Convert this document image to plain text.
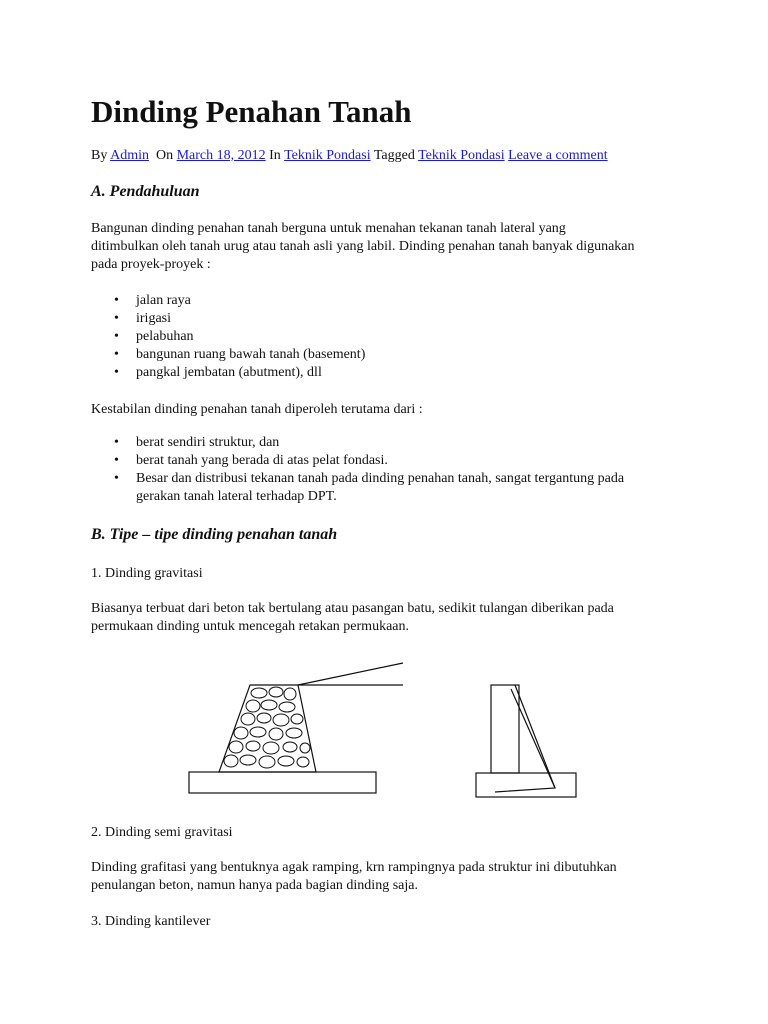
Dinding Penahan Tanah
By Admin On March 18, 2012 In Teknik Pondasi Tagged Teknik Pondasi Leave a comment
A. Pendahuluan

Bangunan dinding penahan tanah berguna untuk menahan tekanan tanah lateral yang
ditimbulkan oleh tanah urug atau tanah asli yang labil. Dinding penahan tanah banyak digunakan
pada proyek-proyek :

• jalan raya
• irigasi
• pelabuhan
• bangunan ruang bawah tanah (basement)
• pangkal jembatan (abutment), dll

Kestabilan dinding penahan tanah diperoleh terutama dari :

• berat sendiri struktur, dan
• berat tanah yang berada di atas pelat fondasi.
• Besar dan distribusi tekanan tanah pada dinding penahan tanah, sangat tergantung pada
gerakan tanah lateral terhadap DPT.
B. Tipe – tipe dinding penahan tanah

1. Dinding gravitasi

Biasanya terbuat dari beton tak bertulang atau pasangan batu, sedikit tulangan diberikan pada
permukaan dinding untuk mencegah retakan permukaan.

2. Dinding semi gravitasi

Dinding grafitasi yang bentuknya agak ramping, krn rampingnya pada struktur ini dibutuhkan
penulangan beton, namun hanya pada bagian dinding saja.

3. Dinding kantilever
